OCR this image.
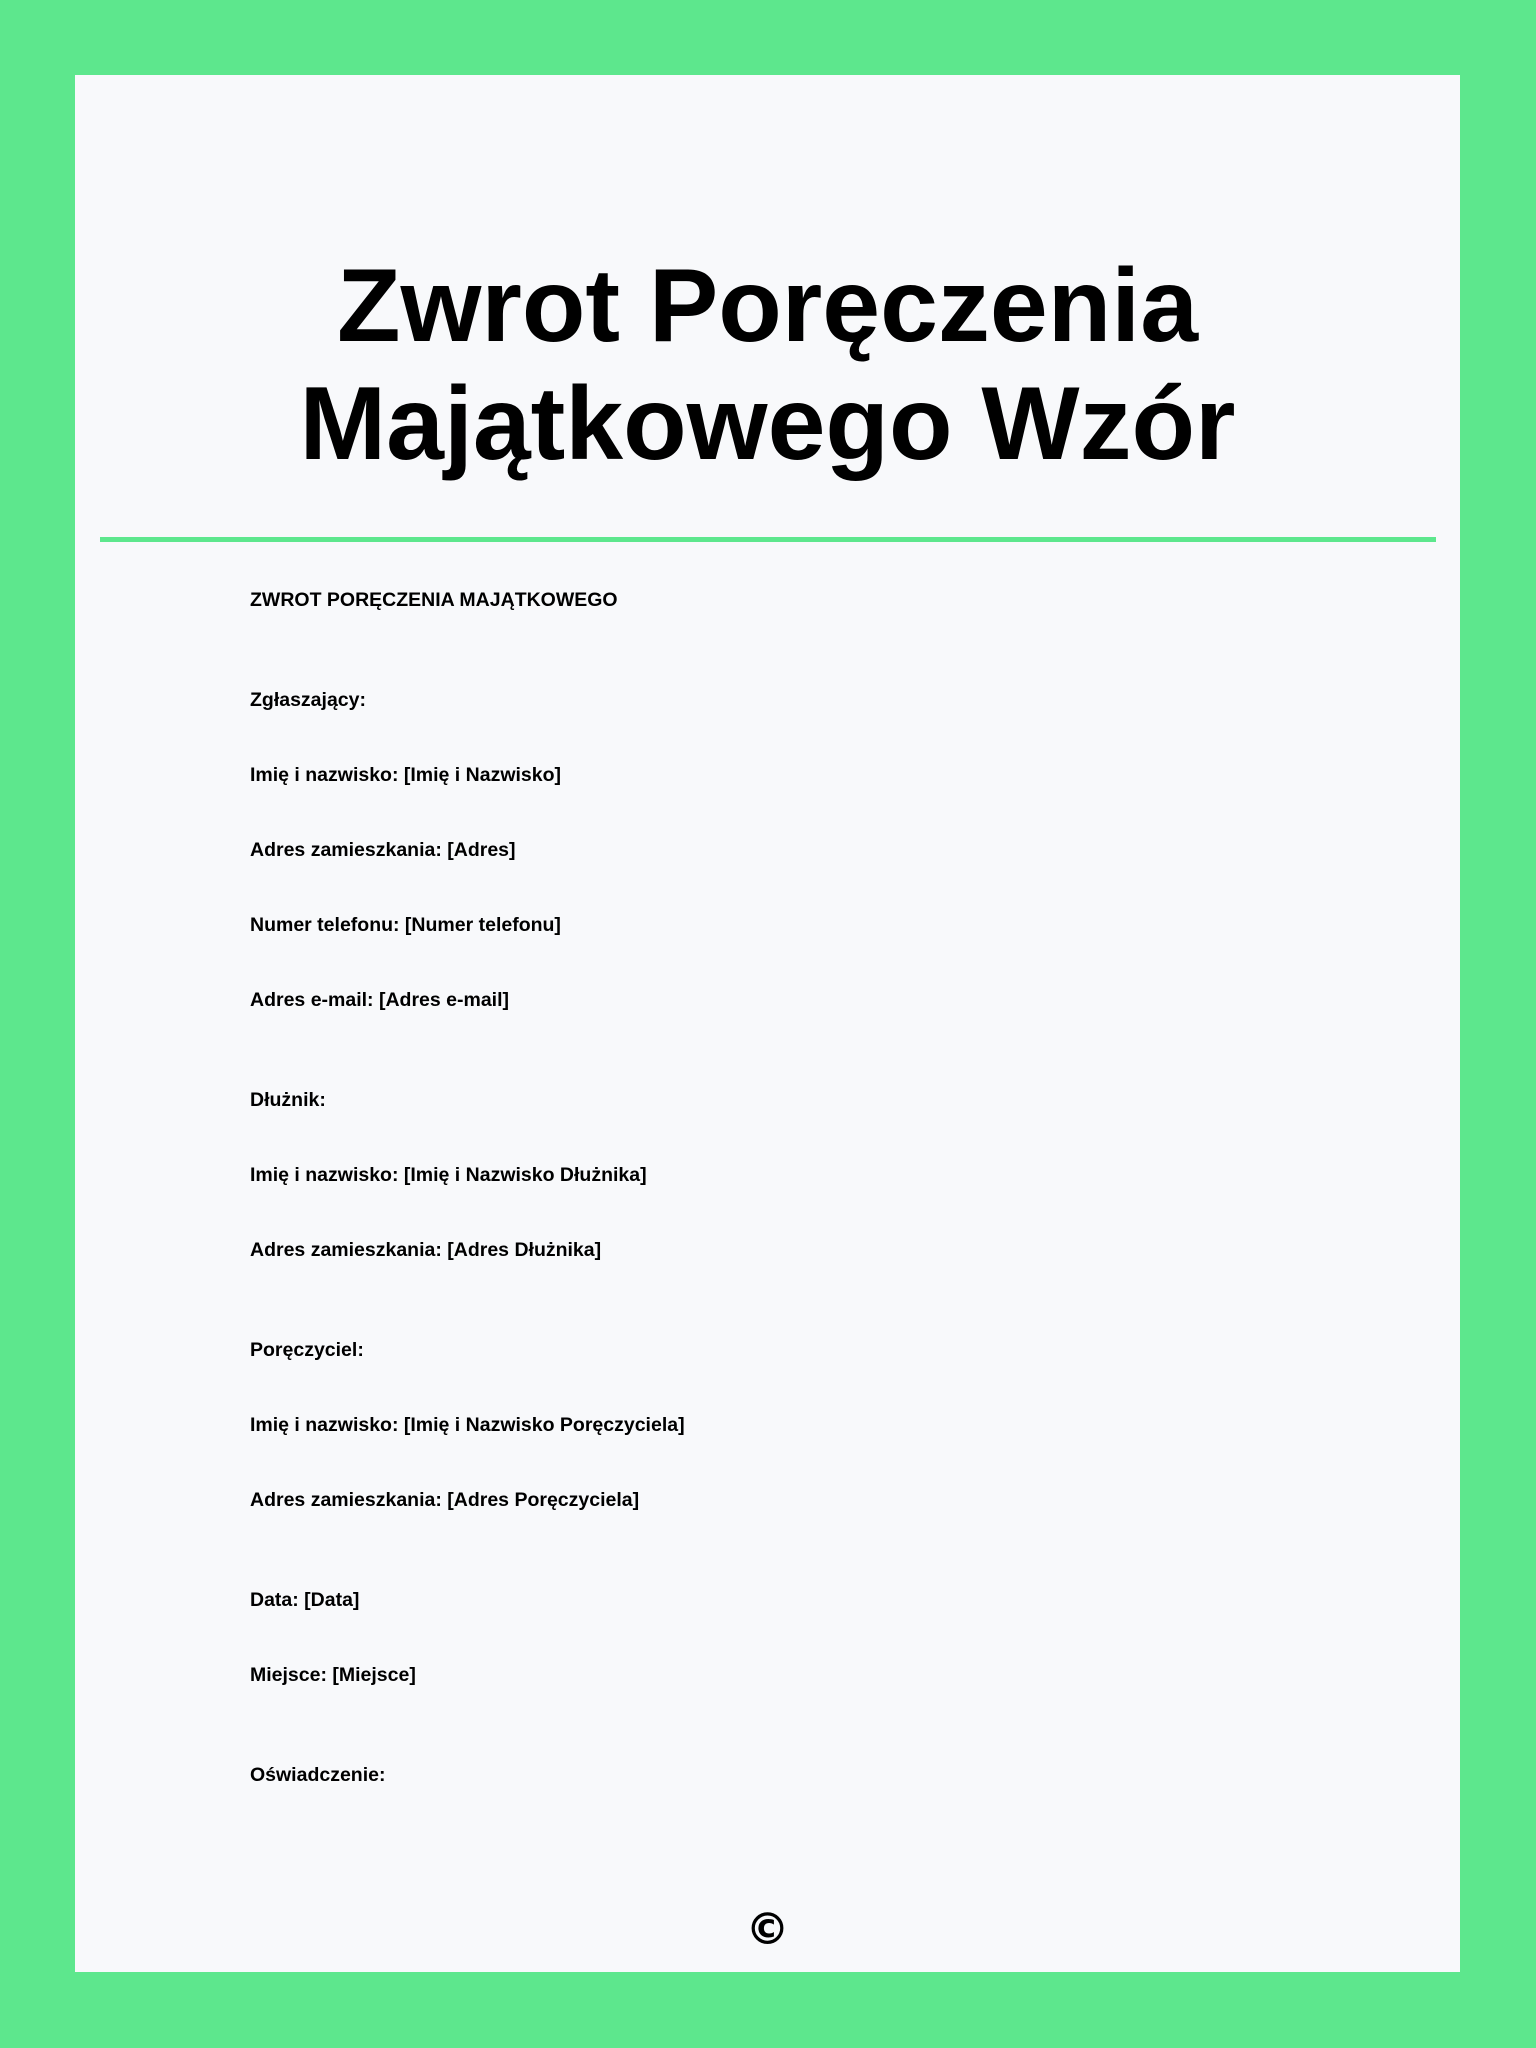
Zwrot Poręczenia
Majątkowego Wzór
ZWROT PORĘCZENIA MAJĄTKOWEGO
Zgłaszający:
Imię i nazwisko: [Imię i Nazwisko]
Adres zamieszkania: [Adres]
Numer telefonu: [Numer telefonu]
Adres e-mail: [Adres e-mail]
Dłużnik:
Imię i nazwisko: [Imię i Nazwisko Dłużnika]
Adres zamieszkania: [Adres Dłużnika]
Poręczyciel:
Imię i nazwisko: [Imię i Nazwisko Poręczyciela]
Adres zamieszkania: [Adres Poręczyciela]
Data: [Data]
Miejsce: [Miejsce]
Oświadczenie:
©
